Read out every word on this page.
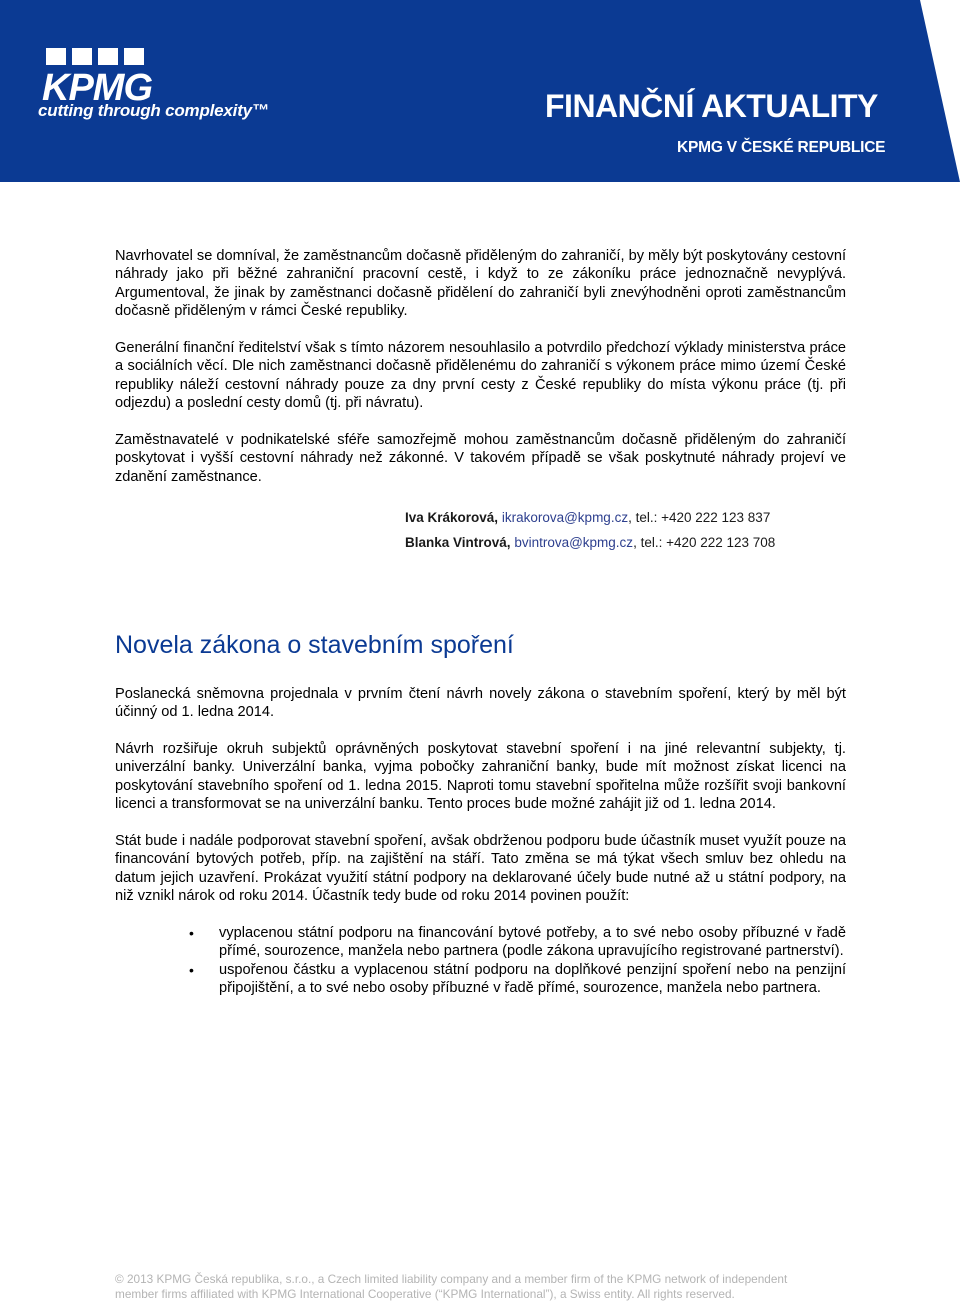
KPMG
cutting through complexity™	FINANČNÍ AKTUALITY
KPMG V ČESKÉ REPUBLICE

Navrhovatel se domníval, že zaměstnancům dočasně přiděleným do zahraničí, by měly být poskytovány cestovní náhrady jako při běžné zahraniční pracovní cestě, i když to ze zákoníku práce jednoznačně nevyplývá. Argumentoval, že jinak by zaměstnanci dočasně přidělení do zahraničí byli znevýhodněni oproti zaměstnancům dočasně přiděleným v rámci České republiky.

Generální finanční ředitelství však s tímto názorem nesouhlasilo a potvrdilo předchozí výklady ministerstva práce a sociálních věcí. Dle nich zaměstnanci dočasně přidělenému do zahraničí s výkonem práce mimo území České republiky náleží cestovní náhrady pouze za dny první cesty z České republiky do místa výkonu práce (tj. při odjezdu) a poslední cesty domů (tj. při návratu).

Zaměstnavatelé v podnikatelské sféře samozřejmě mohou zaměstnancům dočasně přiděleným do zahraničí poskytovat i vyšší cestovní náhrady než zákonné. V takovém případě se však poskytnuté náhrady projeví ve zdanění zaměstnance.

Iva Krákorová, ikrakorova@kpmg.cz, tel.: +420 222 123 837
Blanka Vintrová, bvintrova@kpmg.cz, tel.: +420 222 123 708
Novela zákona o stavebním spoření

Poslanecká sněmovna projednala v prvním čtení návrh novely zákona o stavebním spoření, který by měl být účinný od 1. ledna 2014.

Návrh rozšiřuje okruh subjektů oprávněných poskytovat stavební spoření i na jiné relevantní subjekty, tj. univerzální banky. Univerzální banka, vyjma pobočky zahraniční banky, bude mít možnost získat licenci na poskytování stavebního spoření od 1. ledna 2015. Naproti tomu stavební spořitelna může rozšířit svoji bankovní licenci a transformovat se na univerzální banku. Tento proces bude možné zahájit již od 1. ledna 2014.

Stát bude i nadále podporovat stavební spoření, avšak obdrženou podporu bude účastník muset využít pouze na financování bytových potřeb, příp. na zajištění na stáří. Tato změna se má týkat všech smluv bez ohledu na datum jejich uzavření. Prokázat využití státní podpory na deklarované účely bude nutné až u státní podpory, na niž vznikl nárok od roku 2014. Účastník tedy bude od roku 2014 povinen použít:

• vyplacenou státní podporu na financování bytové potřeby, a to své nebo osoby příbuzné v řadě přímé, sourozence, manžela nebo partnera (podle zákona upravujícího registrované partnerství).
• uspořenou částku a vyplacenou státní podporu na doplňkové penzijní spoření nebo na penzijní připojištění, a to své nebo osoby příbuzné v řadě přímé, sourozence, manžela nebo partnera.
© 2013 KPMG Česká republika, s.r.o., a Czech limited liability company and a member firm of the KPMG network of independent
member firms affiliated with KPMG International Cooperative (“KPMG International”), a Swiss entity. All rights reserved.
